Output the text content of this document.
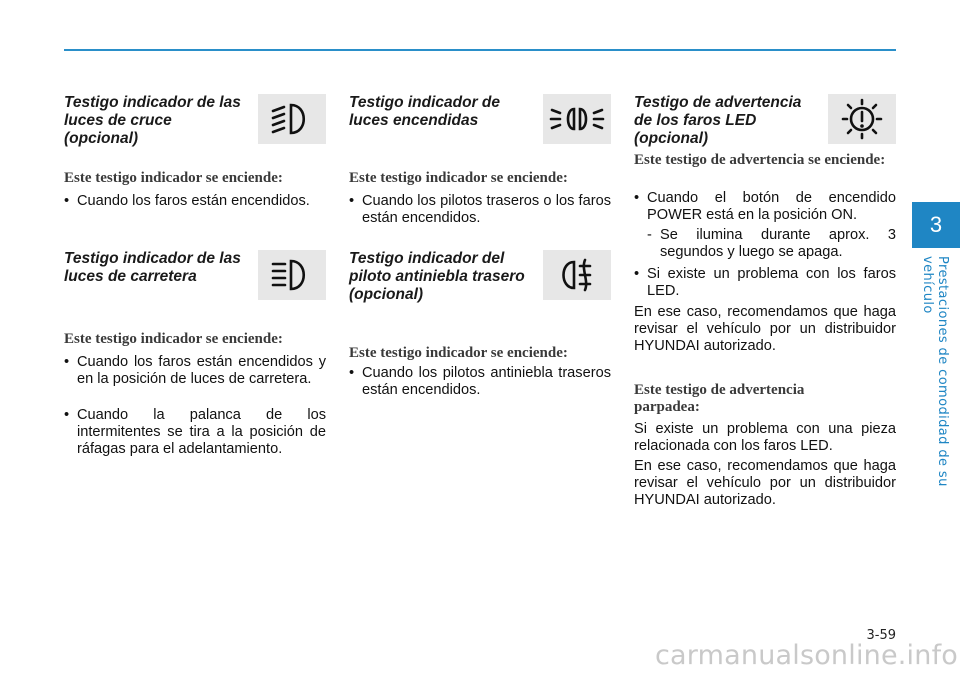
3
Prestaciones de comodidad de su vehículo
Testigo indicador de las luces de cruce (opcional)
Este testigo indicador se enciende:
• Cuando los faros están encendidos.
Testigo indicador de las luces de carretera
Este testigo indicador se enciende:
• Cuando los faros están encendidos y en la posición de luces de carretera.
• Cuando la palanca de los intermitentes se tira a la posición de ráfagas para el adelantamiento.
Testigo indicador de luces encendidas
Este testigo indicador se enciende:
• Cuando los pilotos traseros o los faros están encendidos.
Testigo indicador del piloto antiniebla trasero (opcional)
Este testigo indicador se enciende:
• Cuando los pilotos antiniebla traseros están encendidos.
Testigo de advertencia de los faros LED (opcional)
Este testigo de advertencia se enciende:
• Cuando el botón de encendido POWER está en la posición ON.
- Se ilumina durante aprox. 3 segundos y luego se apaga.
• Si existe un problema con los faros LED.
En ese caso, recomendamos que haga revisar el vehículo por un distribuidor HYUNDAI autorizado.
Este testigo de advertencia parpadea:
Si existe un problema con una pieza relacionada con los faros LED.
En ese caso, recomendamos que haga revisar el vehículo por un distribuidor HYUNDAI autorizado.
3-59
carmanualsonline.info
